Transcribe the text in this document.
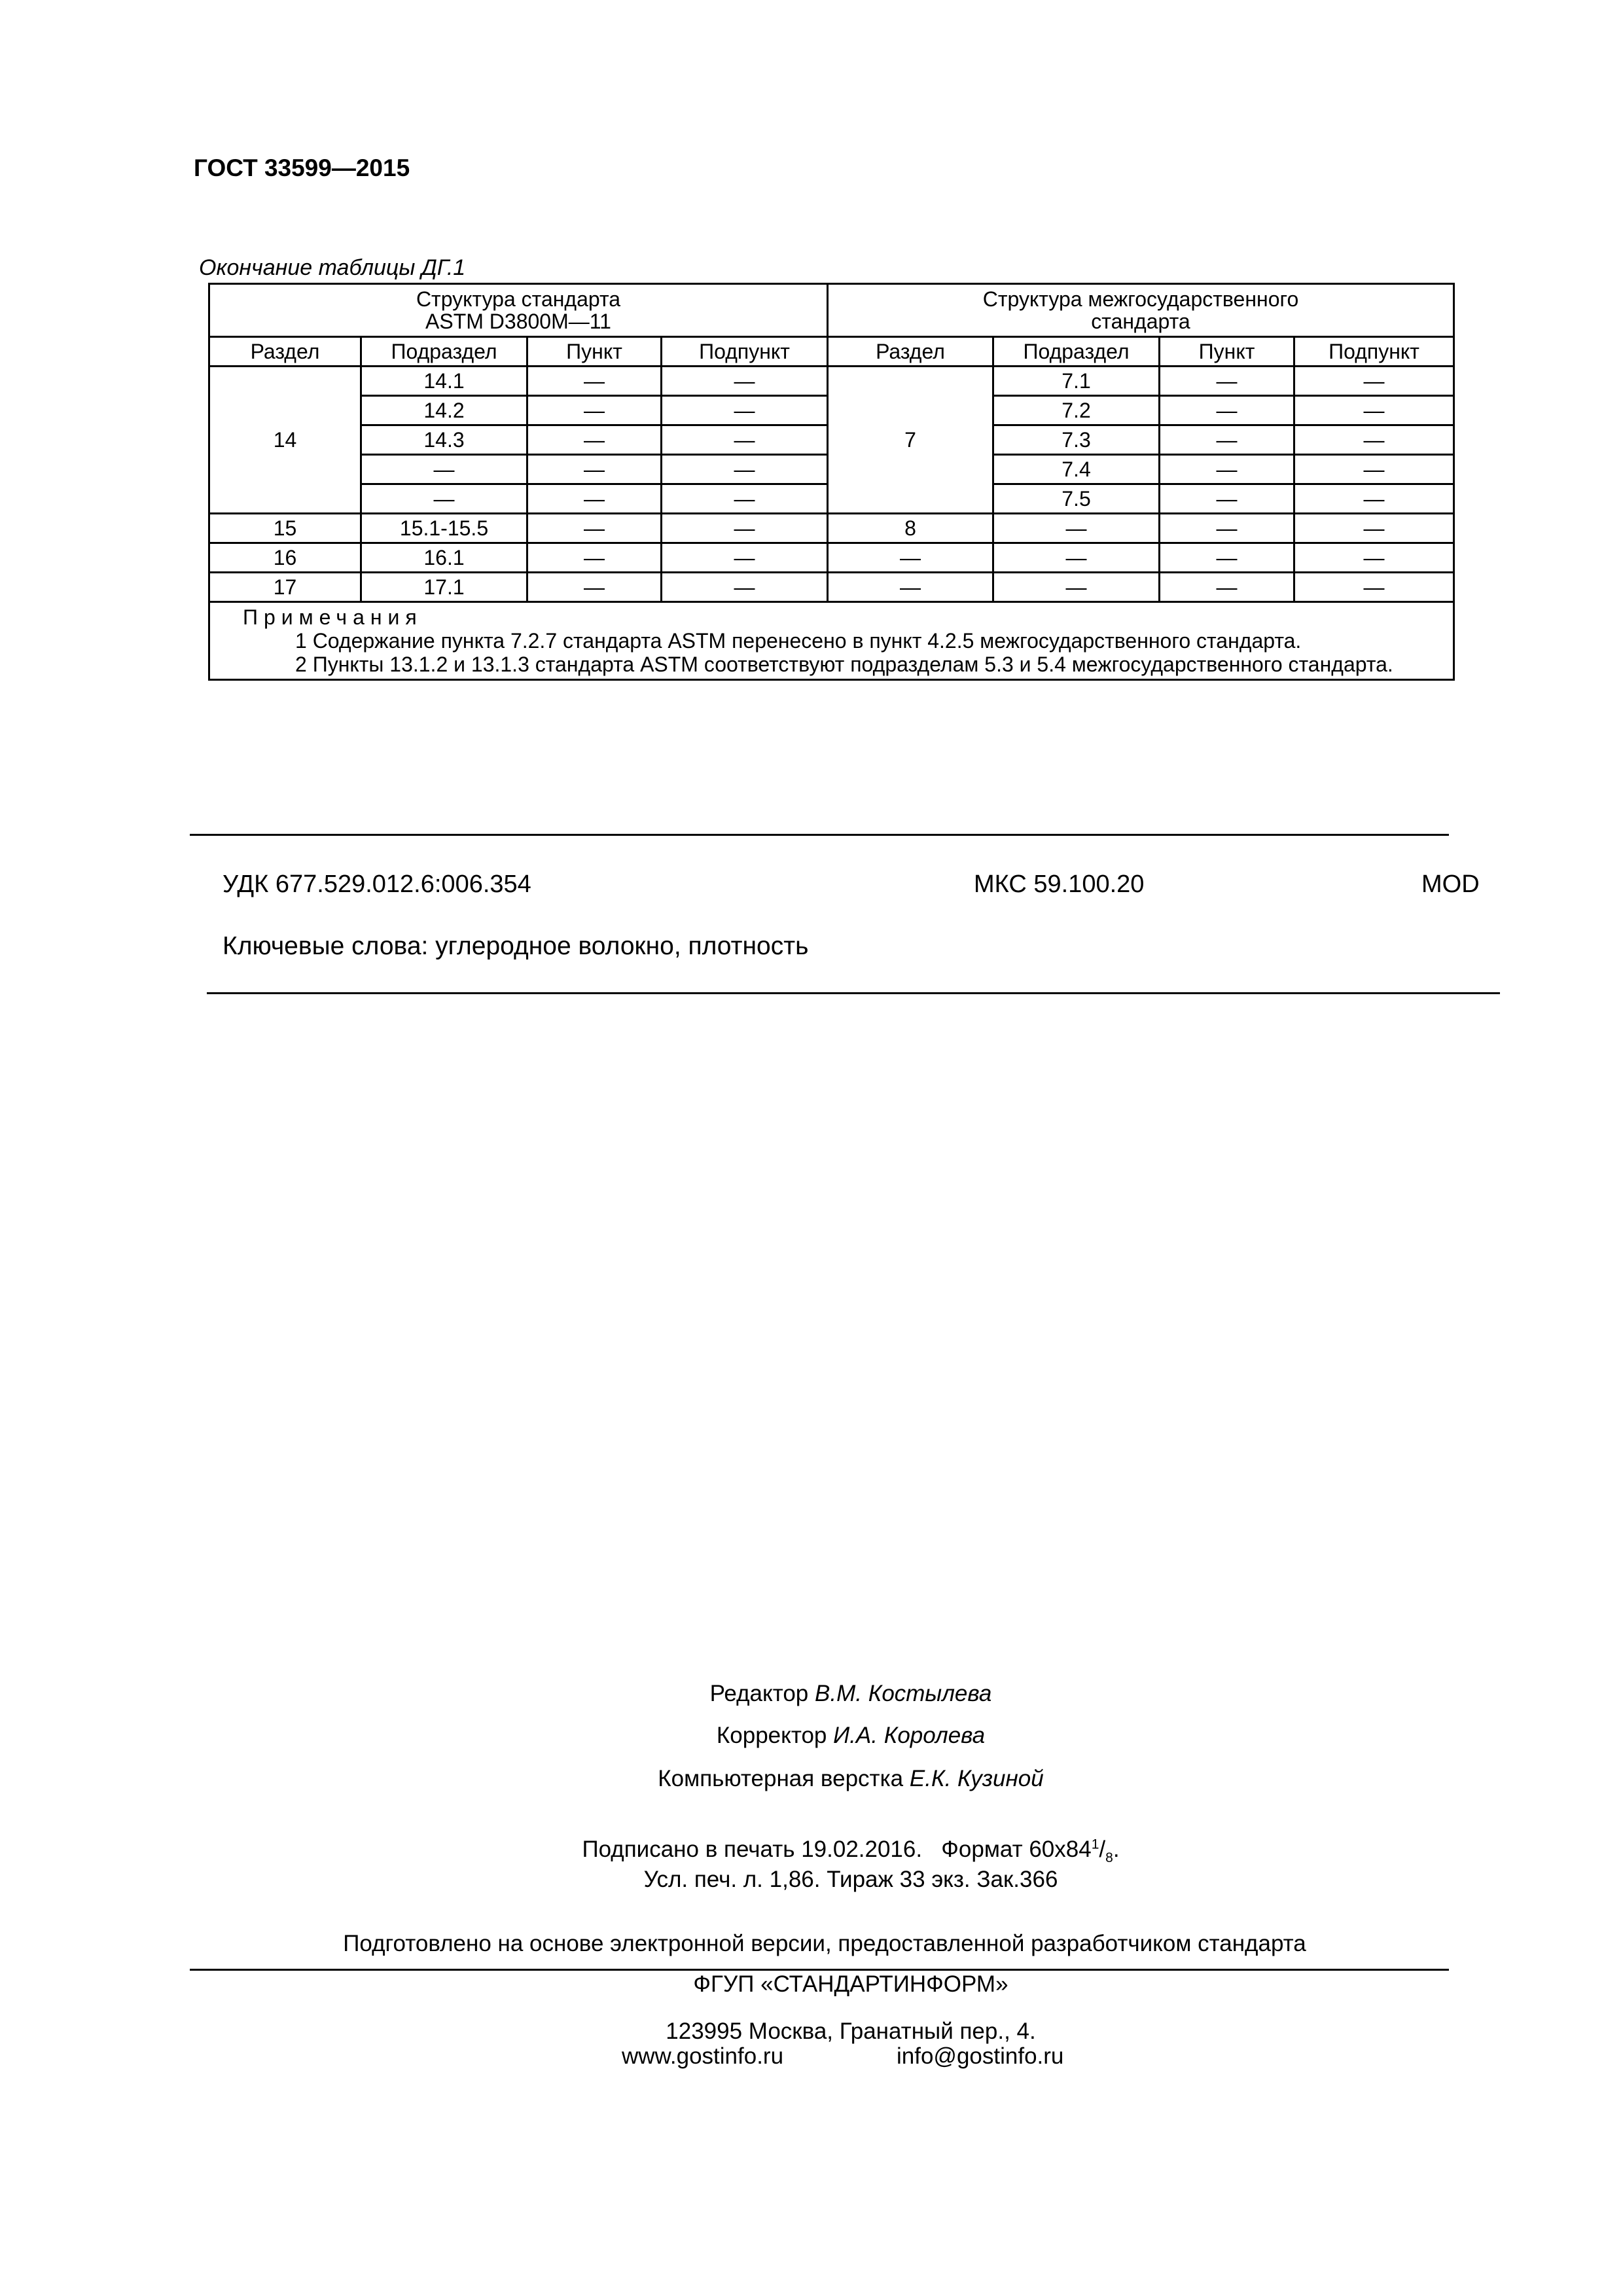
ГОСТ 33599—2015
Окончание таблицы ДГ.1
Структура стандарта ASTM D3800M—11				Структура межгосударственного стандарта			
Раздел	Подраздел	Пункт	Подпункт	Раздел	Подраздел	Пункт	Подпункт
14	14.1	—	—	7	7.1	—	—
	14.2	—	—		7.2	—	—
	14.3	—	—		7.3	—	—
	—	—	—		7.4	—	—
	—	—	—		7.5	—	—
15	15.1-15.5	—	—	8	—	—	—
16	16.1	—	—	—	—	—	—
17	17.1	—	—	—	—	—	—

Примечания
1 Содержание пункта 7.2.7 стандарта ASTM перенесено в пункт 4.2.5 межгосударственного стандарта.
2 Пункты 13.1.2 и 13.1.3 стандарта ASTM соответствуют подразделам 5.3 и 5.4 межгосударственного стандарта.							
УДК 677.529.012.6:006.354	МКС 59.100.20	MOD
Ключевые слова: углеродное волокно, плотность
Редактор В.М. Костылева
Корректор И.А. Королева
Компьютерная верстка Е.К. Кузиной
Подписано в печать 19.02.2016. Формат $60х84^1/_8$.
Усл. печ. л. 1,86. Тираж 33 экз. Зак.366
Подготовлено на основе электронной версии, предоставленной разработчиком стандарта
ФГУП «СТАНДАРТИНФОРМ»
123995 Москва, Гранатный пер., 4.
www.gostinfo.ru	info@gostinfo.ru
